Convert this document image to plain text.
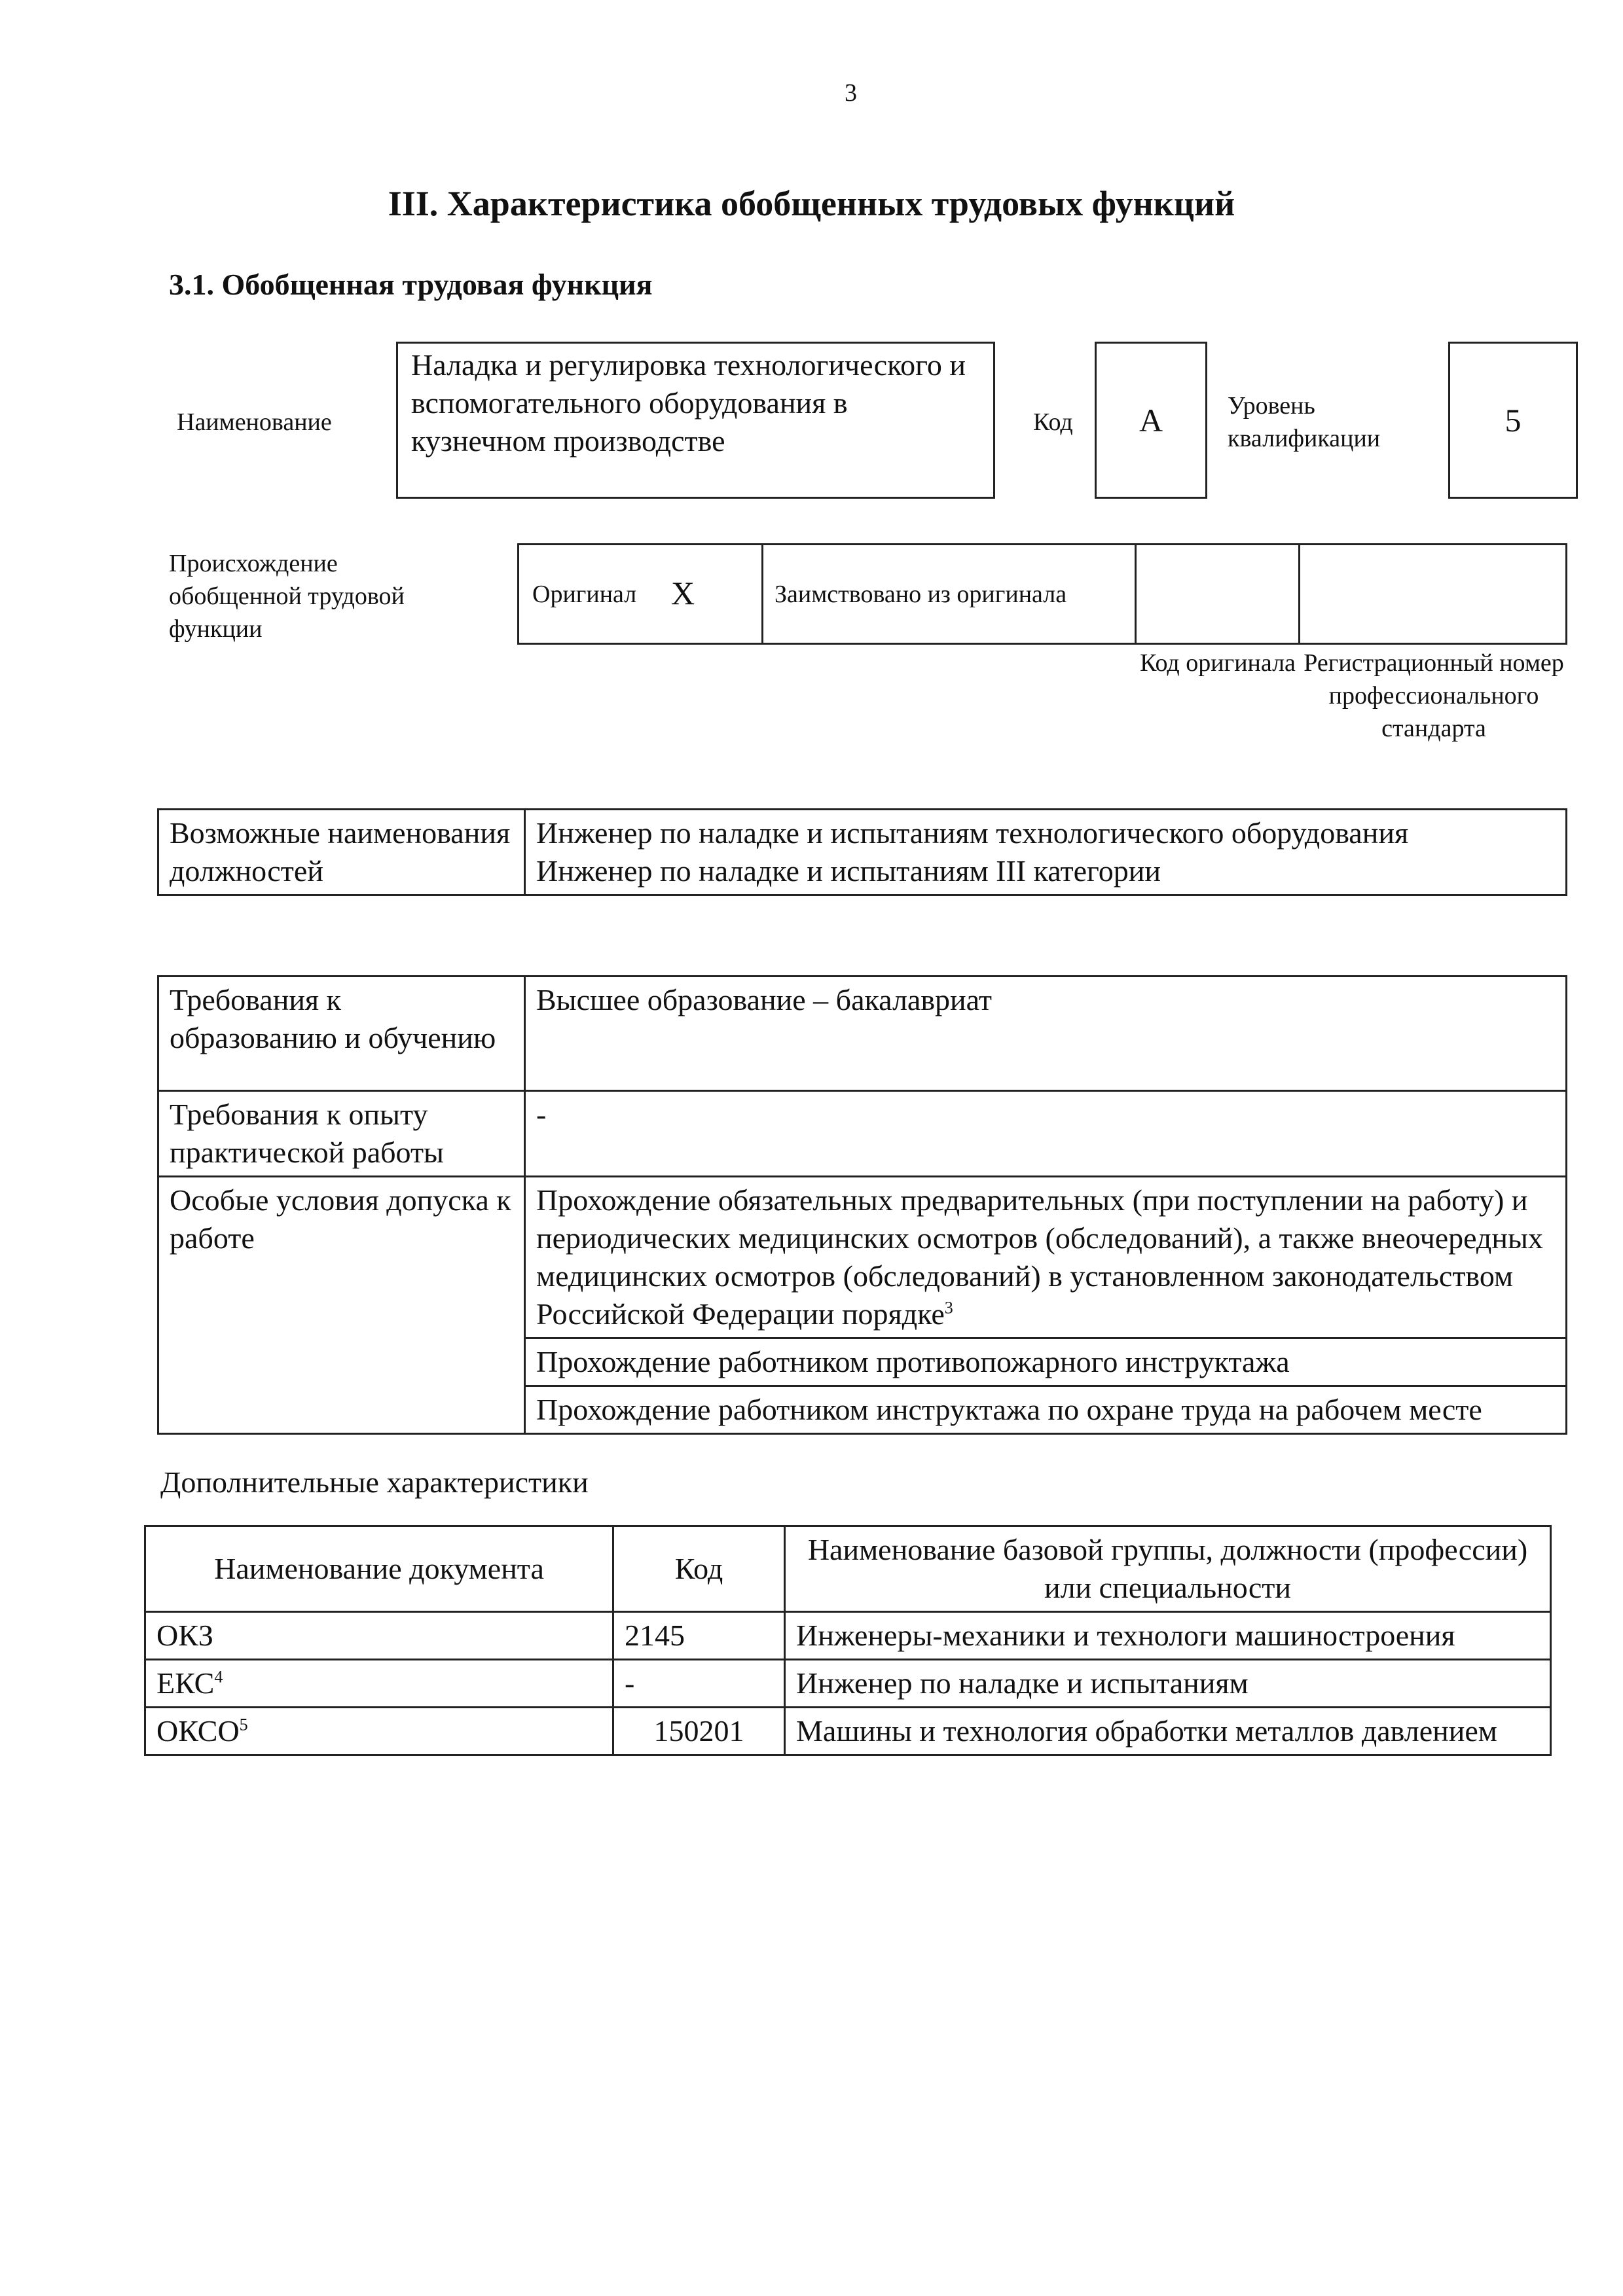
3
III. Характеристика обобщенных трудовых функций
3.1. Обобщенная трудовая функция
Наименование
Наладка и регулировка технологического и вспомогательного оборудования в кузнечном производстве
Код	А	Уровень квалификации	5
Происхождение обобщенной трудовой функции
Оригинал Х	Заимствовано из оригинала
Код оригинала Регистрационный номер профессионального стандарта
Возможные наименования должностей	
Инженер по наладке и испытаниям технологического оборудования
Инженер по наладке и испытаниям III категории
Требования к образованию и обучению	Высшее образование – бакалавриат
Требования к опыту практической работы	-
Особые условия допуска к работе	Прохождение обязательных предварительных (при поступлении на работу) и периодических медицинских осмотров (обследований), а также внеочередных медицинских осмотров (обследований) в установленном законодательством Российской Федерации порядке$^3$
	Прохождение работником противопожарного инструктажа
	Прохождение работником инструктажа по охране труда на рабочем месте
Дополнительные характеристики
Наименование документа	Код	Наименование базовой группы, должности (профессии) или специальности
ОКЗ	2145	Инженеры-механики и технологи машиностроения
ЕКС$^4$	-	Инженер по наладке и испытаниям
ОКСО$^5$	150201	Машины и технология обработки металлов давлением
